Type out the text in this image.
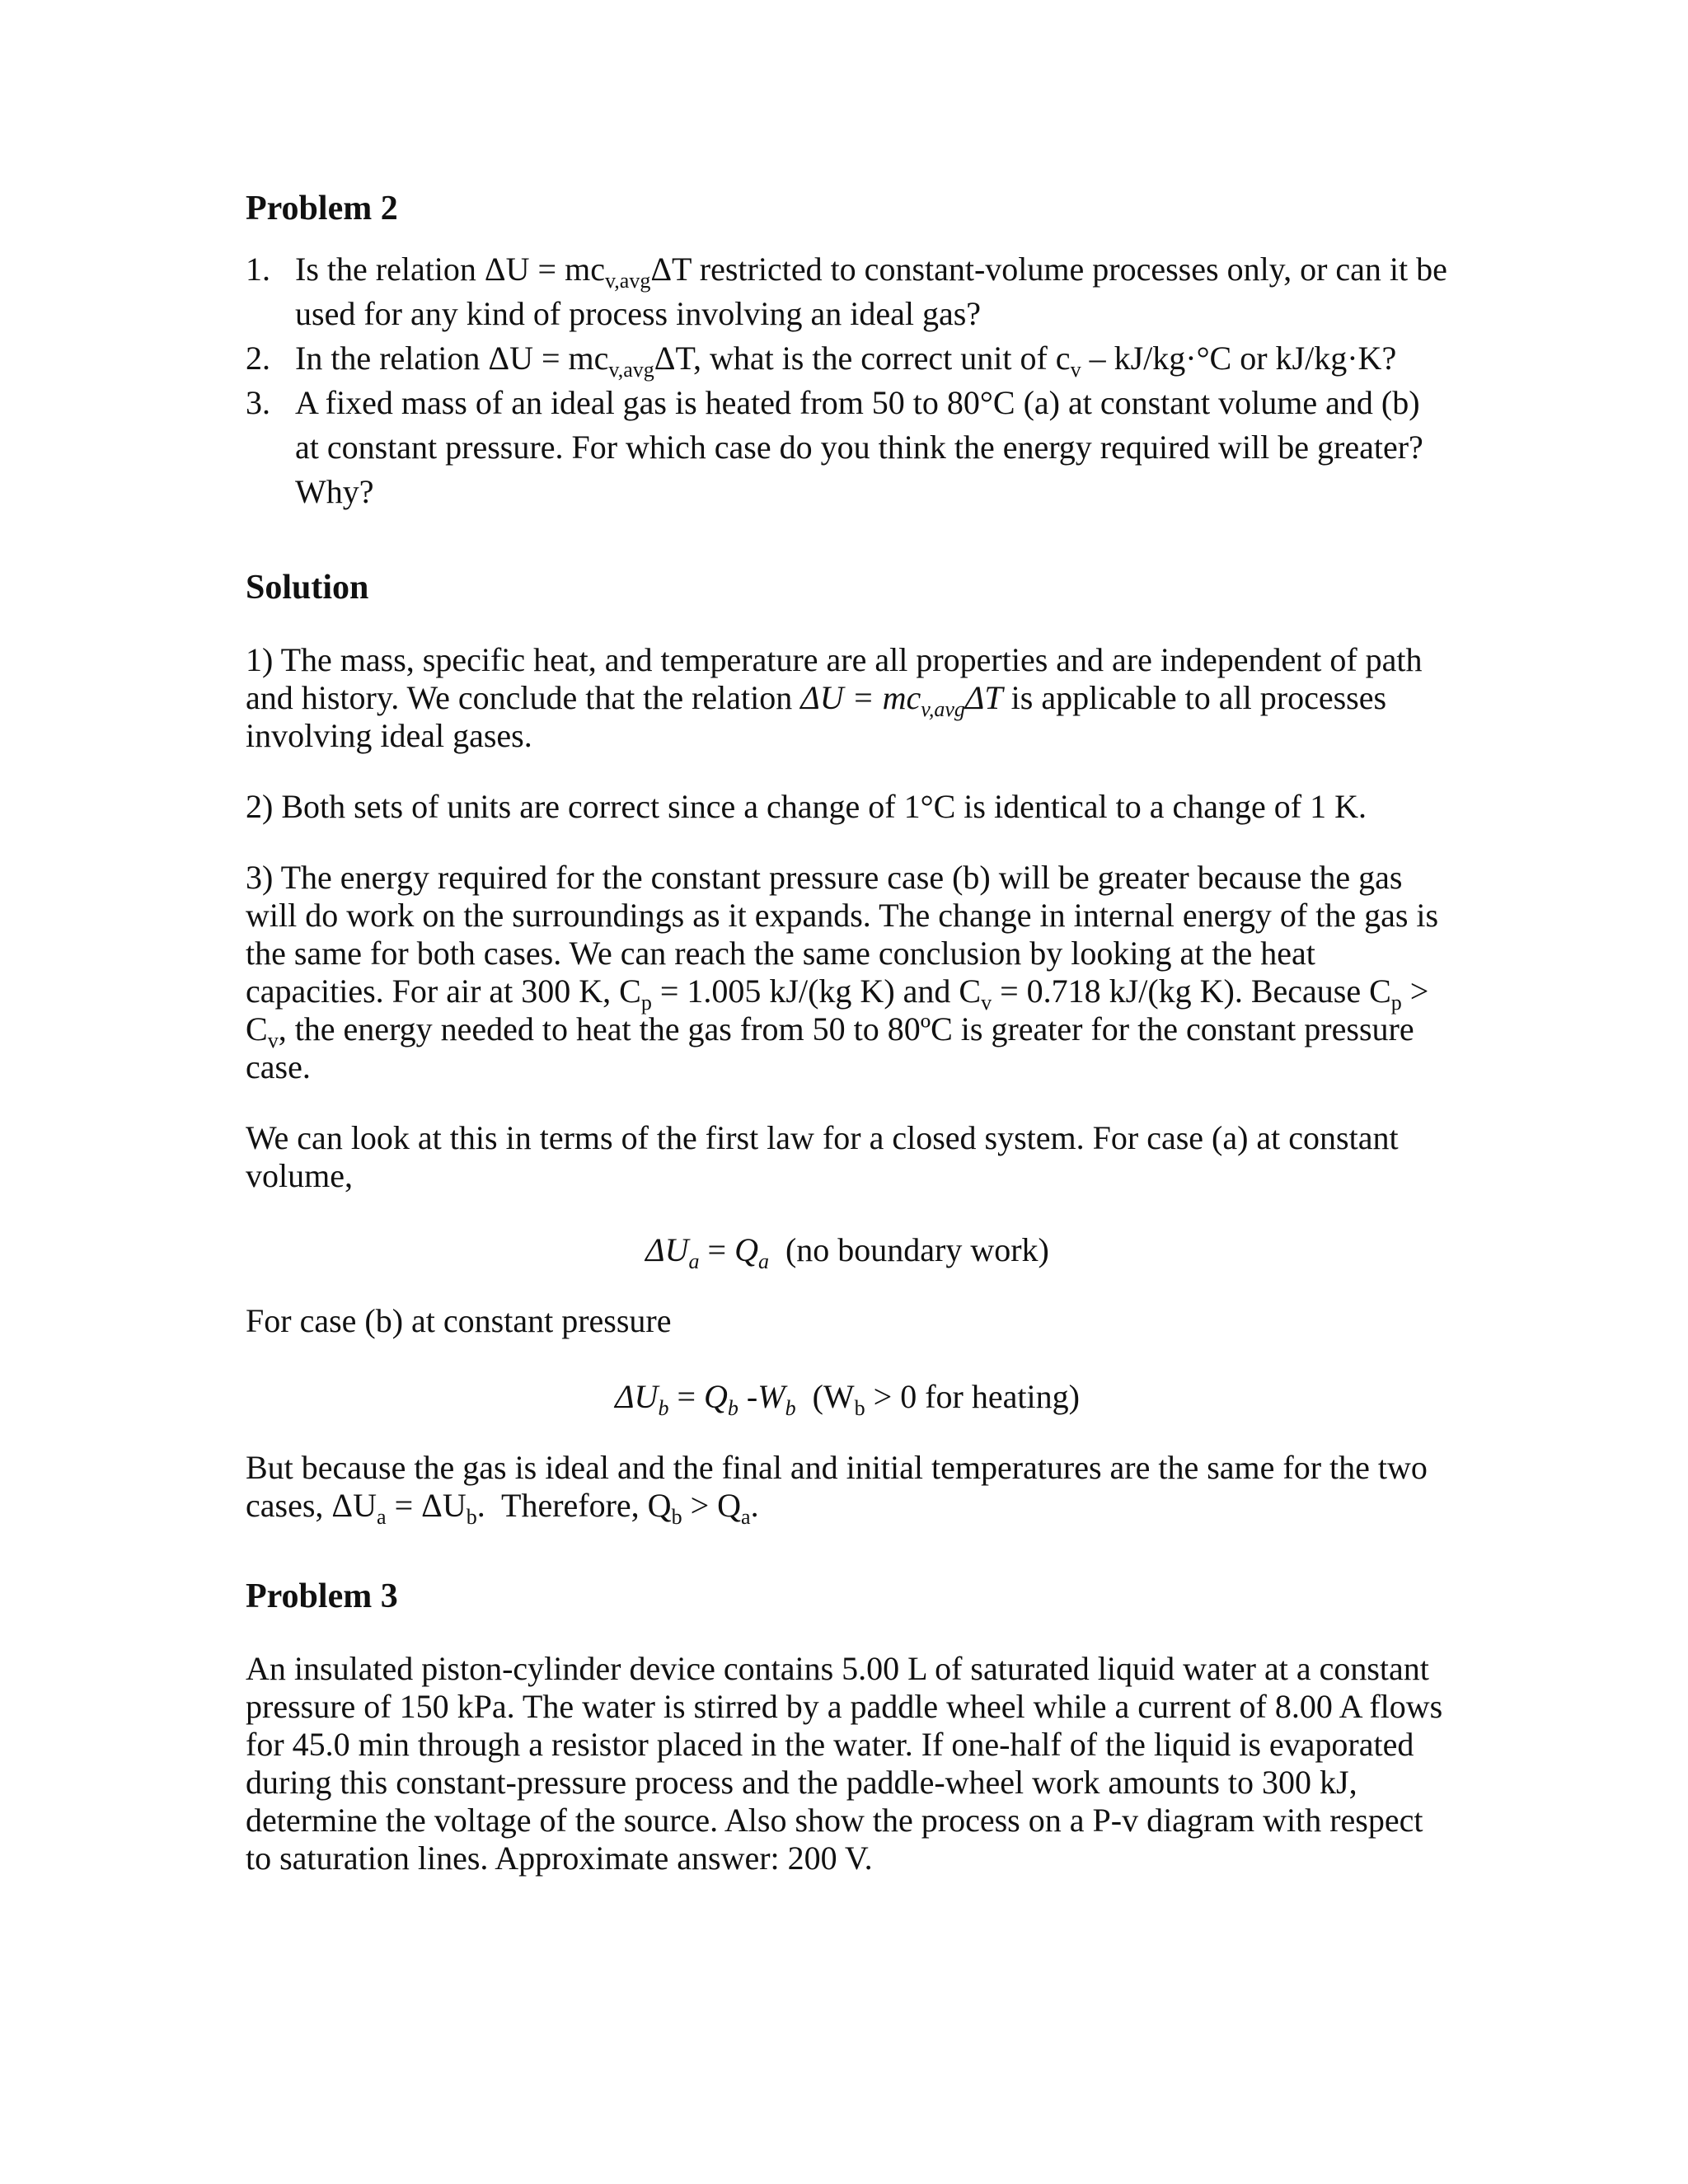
Problem 2
1. Is the relation $\Delta U = mc_{v,avg}\Delta T$ restricted to constant-volume processes only, or can it be used for any kind of process involving an ideal gas?
2. In the relation $\Delta U = mc_{v,avg}\Delta T$, what is the correct unit of $c_v - kJ/kg\cdot^\circ C$ or kJ/kg·K?
3. A fixed mass of an ideal gas is heated from 50 to 80°C (a) at constant volume and (b) at constant pressure. For which case do you think the energy required will be greater? Why?
Solution

1) The mass, specific heat, and temperature are all properties and are independent of path and history. We conclude that the relation $\Delta U = mc_{v,avg}\Delta T$ is applicable to all processes involving ideal gases.

2) Both sets of units are correct since a change of 1°C is identical to a change of 1 K.

3) The energy required for the constant pressure case (b) will be greater because the gas will do work on the surroundings as it expands. The change in internal energy of the gas is the same for both cases. We can reach the same conclusion by looking at the heat capacities. For air at 300 K, $C_p = 1.005$ kJ/(kg K) and $C_v = 0.718$ kJ/(kg K). Because $C_p > C_v$, the energy needed to heat the gas from 50 to 80ºC is greater for the constant pressure case.

We can look at this in terms of the first law for a closed system. For case (a) at constant volume,

$\Delta U_a = Q_a$  (no boundary work)

For case (b) at constant pressure

$\Delta U_b = Q_b$ $-W_b$  ($W_b > 0$ for heating)

But because the gas is ideal and the final and initial temperatures are the same for the two cases, $\Delta U_a = \Delta U_b$.  Therefore, $Q_b > Q_a$.

Problem 3

An insulated piston-cylinder device contains 5.00 L of saturated liquid water at a constant pressure of 150 kPa. The water is stirred by a paddle wheel while a current of 8.00 A flows for 45.0 min through a resistor placed in the water. If one-half of the liquid is evaporated during this constant-pressure process and the paddle-wheel work amounts to 300 kJ, determine the voltage of the source. Also show the process on a P-v diagram with respect to saturation lines. Approximate answer: 200 V.
